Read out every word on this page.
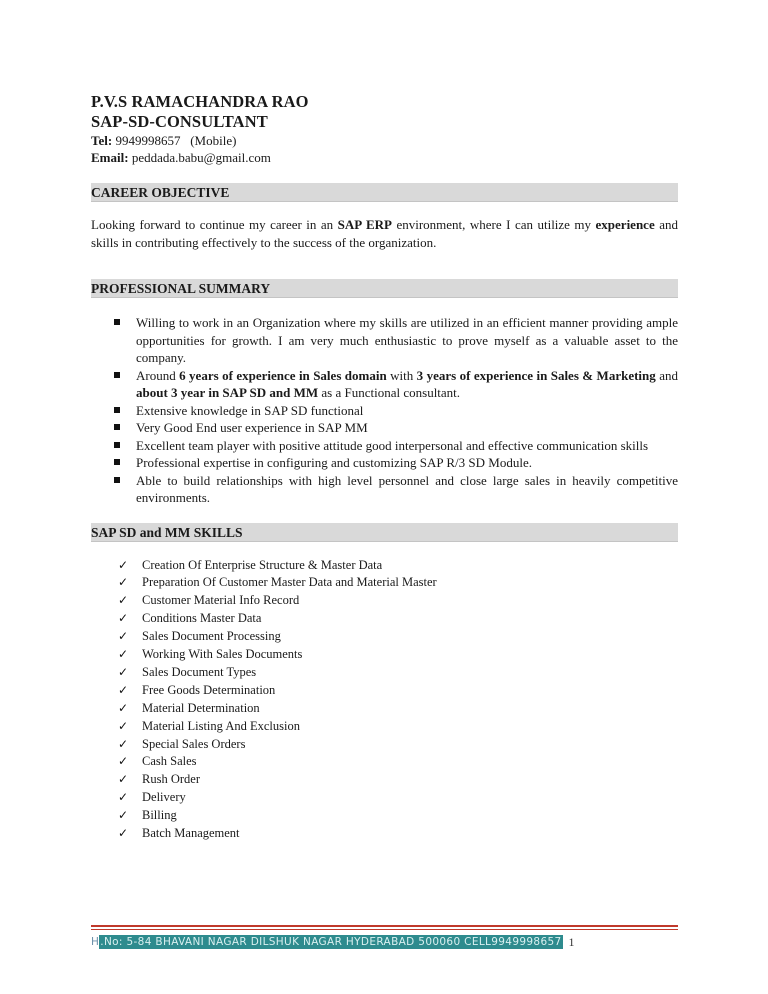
P.V.S RAMACHANDRA RAO
SAP-SD-CONSULTANT
Tel: 9949998657   (Mobile)
Email: peddada.babu@gmail.com
CAREER OBJECTIVE
Looking forward to continue my career in an SAP ERP environment, where I can utilize my experience and skills in contributing effectively to the success of the organization.
PROFESSIONAL SUMMARY
Willing to work in an Organization where my skills are utilized in an efficient manner providing ample opportunities for growth. I am very much enthusiastic to prove myself as a valuable asset to the company.
Around 6 years of experience in Sales domain with 3 years of experience in Sales & Marketing and about 3 year in SAP SD and MM as a Functional consultant.
Extensive knowledge in SAP SD functional
Very Good End user experience in SAP MM
Excellent team player with positive attitude good interpersonal and effective communication skills
Professional expertise in configuring and customizing SAP R/3 SD Module.
Able to build relationships with high level personnel and close large sales in heavily competitive environments.
SAP SD and MM SKILLS
✓ Creation Of Enterprise Structure & Master Data
✓ Preparation Of Customer Master Data and Material Master
✓ Customer Material Info Record
✓ Conditions Master Data
✓ Sales Document Processing
✓ Working With Sales Documents
✓ Sales Document Types
✓ Free Goods Determination
✓ Material Determination
✓ Material Listing And Exclusion
✓ Special Sales Orders
✓ Cash Sales
✓ Rush Order
✓ Delivery
✓ Billing
✓ Batch Management
H .No: 5-84 BHAVANI NAGAR DILSHUK NAGAR HYDERABAD 500060 CELL9949998657 1
